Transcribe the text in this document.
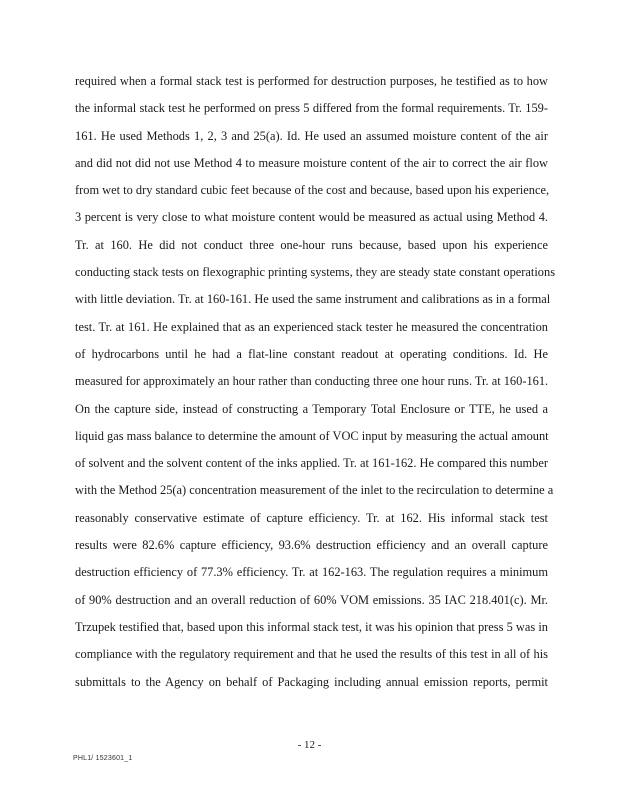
required when a formal stack test is performed for destruction purposes, he testified as to how
the informal stack test he performed on press 5 differed from the formal requirements. Tr. 159-
161. He used Methods 1, 2, 3 and 25(a). Id. He used an assumed moisture content of the air
and did not did not use Method 4 to measure moisture content of the air to correct the air flow
from wet to dry standard cubic feet because of the cost and because, based upon his experience,
3 percent is very close to what moisture content would be measured as actual using Method 4.
Tr. at 160. He did not conduct three one-hour runs because, based upon his experience
conducting stack tests on flexographic printing systems, they are steady state constant operations
with little deviation. Tr. at 160-161. He used the same instrument and calibrations as in a formal
test. Tr. at 161. He explained that as an experienced stack tester he measured the concentration
of hydrocarbons until he had a flat-line constant readout at operating conditions. Id. He
measured for approximately an hour rather than conducting three one hour runs. Tr. at 160-161.
On the capture side, instead of constructing a Temporary Total Enclosure or TTE, he used a
liquid gas mass balance to determine the amount of VOC input by measuring the actual amount
of solvent and the solvent content of the inks applied. Tr. at 161-162. He compared this number
with the Method 25(a) concentration measurement of the inlet to the recirculation to determine a
reasonably conservative estimate of capture efficiency. Tr. at 162. His informal stack test
results were 82.6% capture efficiency, 93.6% destruction efficiency and an overall capture
destruction efficiency of 77.3% efficiency. Tr. at 162-163. The regulation requires a minimum
of 90% destruction and an overall reduction of 60% VOM emissions. 35 IAC 218.401(c). Mr.
Trzupek testified that, based upon this informal stack test, it was his opinion that press 5 was in
compliance with the regulatory requirement and that he used the results of this test in all of his
submittals to the Agency on behalf of Packaging including annual emission reports, permit
- 12 -
PHL1/ 1523601_1
